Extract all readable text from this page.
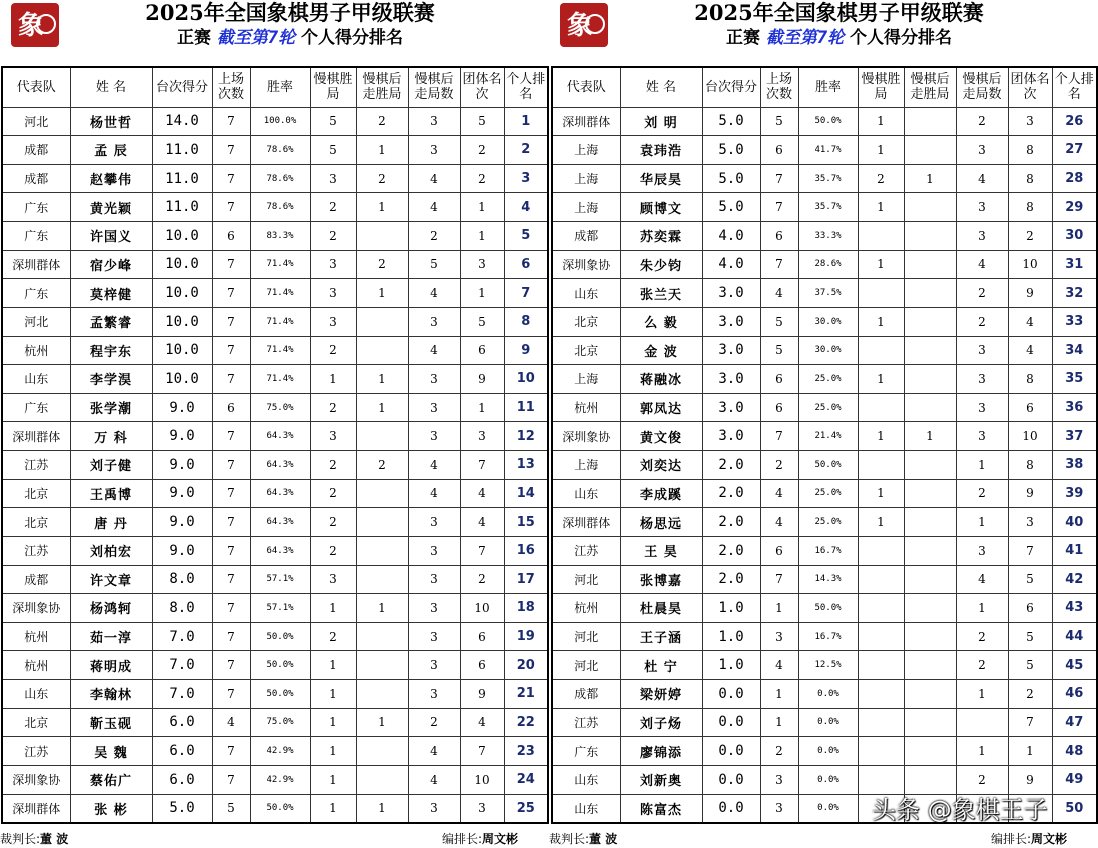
象	2025年全国象棋男子甲级联赛
正赛 截至第7轮 个人得分排名
代表队	姓 名	台次得分	上场次数	胜率	慢棋胜局	慢棋后走胜局	慢棋后走局数	团体名次	个人排名
河北	杨世哲	14.0	7	100.0%	5	2	3	5	1
成都	孟 辰	11.0	7	78.6%	5	1	3	2	2
成都	赵攀伟	11.0	7	78.6%	3	2	4	2	3
广东	黄光颖	11.0	7	78.6%	2	1	4	1	4
广东	许国义	10.0	6	83.3%	2		2	1	5
深圳群体	宿少峰	10.0	7	71.4%	3	2	5	3	6
广东	莫梓健	10.0	7	71.4%	3	1	4	1	7
河北	孟繁睿	10.0	7	71.4%	3		3	5	8
杭州	程宇东	10.0	7	71.4%	2		4	6	9
山东	李学淏	10.0	7	71.4%	1	1	3	9	10
广东	张学潮	9.0	6	75.0%	2	1	3	1	11
深圳群体	万 科	9.0	7	64.3%	3		3	3	12
江苏	刘子健	9.0	7	64.3%	2	2	4	7	13
北京	王禹博	9.0	7	64.3%	2		4	4	14
北京	唐 丹	9.0	7	64.3%	2		3	4	15
江苏	刘柏宏	9.0	7	64.3%	2		3	7	16
成都	许文章	8.0	7	57.1%	3		3	2	17
深圳象协	杨鸿轲	8.0	7	57.1%	1	1	3	10	18
杭州	茹一淳	7.0	7	50.0%	2		3	6	19
杭州	蒋明成	7.0	7	50.0%	1		3	6	20
山东	李翰林	7.0	7	50.0%	1		3	9	21
北京	靳玉砚	6.0	4	75.0%	1	1	2	4	22
江苏	吴 魏	6.0	7	42.9%	1		4	7	23
深圳象协	蔡佑广	6.0	7	42.9%	1		4	10	24
深圳群体	张 彬	5.0	5	50.0%	1	1	3	3	25
裁判长:董 波	编排长:周文彬
象	2025年全国象棋男子甲级联赛
正赛 截至第7轮 个人得分排名
代表队	姓 名	台次得分	上场次数	胜率	慢棋胜局	慢棋后走胜局	慢棋后走局数	团体名次	个人排名
深圳群体	刘 明	5.0	5	50.0%	1		2	3	26
上海	袁玮浩	5.0	6	41.7%	1		3	8	27
上海	华辰昊	5.0	7	35.7%	2	1	4	8	28
上海	顾博文	5.0	7	35.7%	1		3	8	29
成都	苏奕霖	4.0	6	33.3%			3	2	30
深圳象协	朱少钧	4.0	7	28.6%	1		4	10	31
山东	张兰天	3.0	4	37.5%			2	9	32
北京	么 毅	3.0	5	30.0%	1		2	4	33
北京	金 波	3.0	5	30.0%			3	4	34
上海	蒋融冰	3.0	6	25.0%	1		3	8	35
杭州	郭凤达	3.0	6	25.0%			3	6	36
深圳象协	黄文俊	3.0	7	21.4%	1	1	3	10	37
上海	刘奕达	2.0	2	50.0%			1	8	38
山东	李成蹊	2.0	4	25.0%	1		2	9	39
深圳群体	杨思远	2.0	4	25.0%	1		1	3	40
江苏	王 昊	2.0	6	16.7%			3	7	41
河北	张博嘉	2.0	7	14.3%			4	5	42
杭州	杜晨昊	1.0	1	50.0%			1	6	43
河北	王子涵	1.0	3	16.7%			2	5	44
河北	杜 宁	1.0	4	12.5%			2	5	45
成都	梁妍婷	0.0	1	0.0%			1	2	46
江苏	刘子炀	0.0	1	0.0%				7	47
广东	廖锦添	0.0	2	0.0%			1	1	48
山东	刘新奥	0.0	3	0.0%			2	9	49
山东	陈富杰	0.0	3	0.0%					50
裁判长:董 波	编排长:周文彬
头条 @象棋王子
